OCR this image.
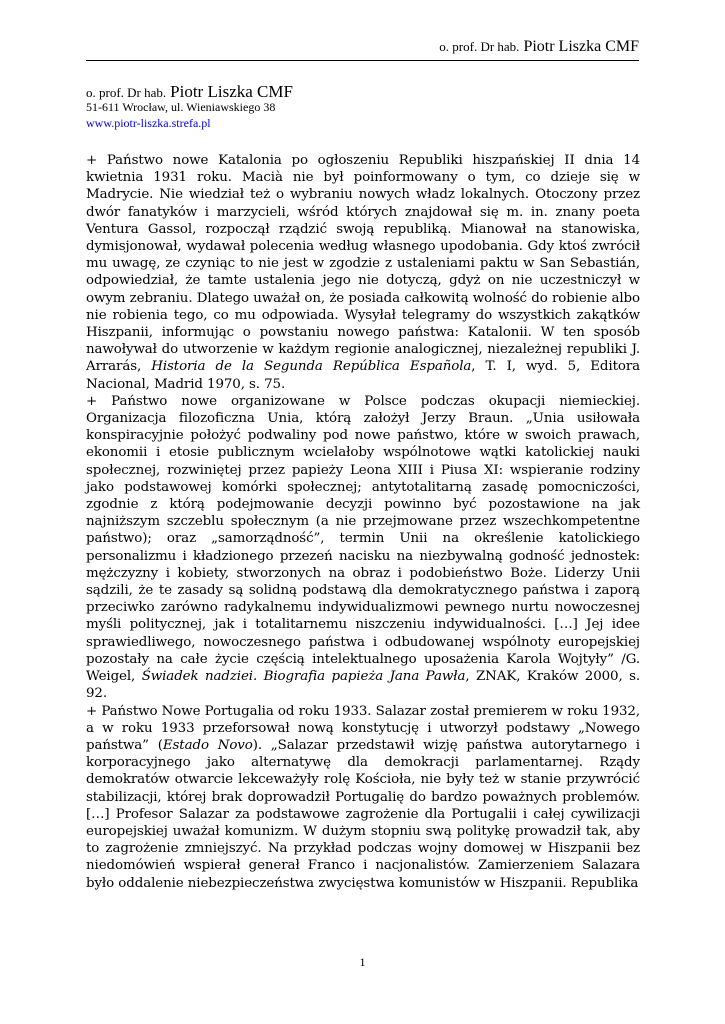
o. prof. Dr hab. Piotr Liszka CMF
o. prof. Dr hab. Piotr Liszka CMF
51-611 Wrocław, ul. Wieniawskiego 38
www.piotr-liszka.strefa.pl

+ Państwo nowe Katalonia po ogłoszeniu Republiki hiszpańskiej II dnia 14 kwietnia 1931 roku. Macià nie był poinformowany o tym, co dzieje się w Madrycie. Nie wiedział też o wybraniu nowych władz lokalnych. Otoczony przez dwór fanatyków i marzycieli, wśród których znajdował się m. in. znany poeta Ventura Gassol, rozpoczął rządzić swoją republiką. Mianował na stanowiska, dymisjonował, wydawał polecenia według własnego upodobania. Gdy ktoś zwrócił mu uwagę, ze czyniąc to nie jest w zgodzie z ustaleniami paktu w San Sebastián, odpowiedział, że tamte ustalenia jego nie dotyczą, gdyż on nie uczestniczył w owym zebraniu. Dlatego uważał on, że posiada całkowitą wolność do robienie albo nie robienia tego, co mu odpowiada. Wysyłał telegramy do wszystkich zakątków Hiszpanii, informując o powstaniu nowego państwa: Katalonii. W ten sposób nawoływał do utworzenie w każdym regionie analogicznej, niezależnej republiki J. Arrarás, Historia de la Segunda República Española, T. I, wyd. 5, Editora Nacional, Madrid 1970, s. 75.

+ Państwo nowe organizowane w Polsce podczas okupacji niemieckiej. Organizacja filozoficzna Unia, którą założył Jerzy Braun. „Unia usiłowała konspiracyjnie położyć podwaliny pod nowe państwo, które w swoich prawach, ekonomii i etosie publicznym wcielałoby wspólnotowe wątki katolickiej nauki społecznej, rozwiniętej przez papieży Leona XIII i Piusa XI: wspieranie rodziny jako podstawowej komórki społecznej; antytotalitarną zasadę pomocniczości, zgodnie z którą podejmowanie decyzji powinno być pozostawione na jak najniższym szczeblu społecznym (a nie przejmowane przez wszechkompetentne państwo); oraz „samorządność”, termin Unii na określenie katolickiego personalizmu i kładzionego przezeń nacisku na niezbywalną godność jednostek: mężczyzny i kobiety, stworzonych na obraz i podobieństwo Boże. Liderzy Unii sądzili, że te zasady są solidną podstawą dla demokratycznego państwa i zaporą przeciwko zarówno radykalnemu indywidualizmowi pewnego nurtu nowoczesnej myśli politycznej, jak i totalitarnemu niszczeniu indywidualności. […] Jej idee sprawiedliwego, nowoczesnego państwa i odbudowanej wspólnoty europejskiej pozostały na całe życie częścią intelektualnego uposażenia Karola Wojtyły” /G. Weigel, Świadek nadziei. Biografia papieża Jana Pawła, ZNAK, Kraków 2000, s. 92.

+ Państwo Nowe Portugalia od roku 1933. Salazar został premierem w roku 1932, a w roku 1933 przeforsował nową konstytucję i utworzył podstawy „Nowego państwa” (Estado Novo). „Salazar przedstawił wizję państwa autorytarnego i korporacyjnego jako alternatywę dla demokracji parlamentarnej. Rządy demokratów otwarcie lekceważyły rolę Kościoła, nie były też w stanie przywrócić stabilizacji, której brak doprowadził Portugalię do bardzo poważnych problemów. […] Profesor Salazar za podstawowe zagrożenie dla Portugalii i całej cywilizacji europejskiej uważał komunizm. W dużym stopniu swą politykę prowadził tak, aby to zagrożenie zmniejszyć. Na przykład podczas wojny domowej w Hiszpanii bez niedomówień wspierał generał Franco i nacjonalistów. Zamierzeniem Salazara było oddalenie niebezpieczeństwa zwycięstwa komunistów w Hiszpanii. Republika

1
